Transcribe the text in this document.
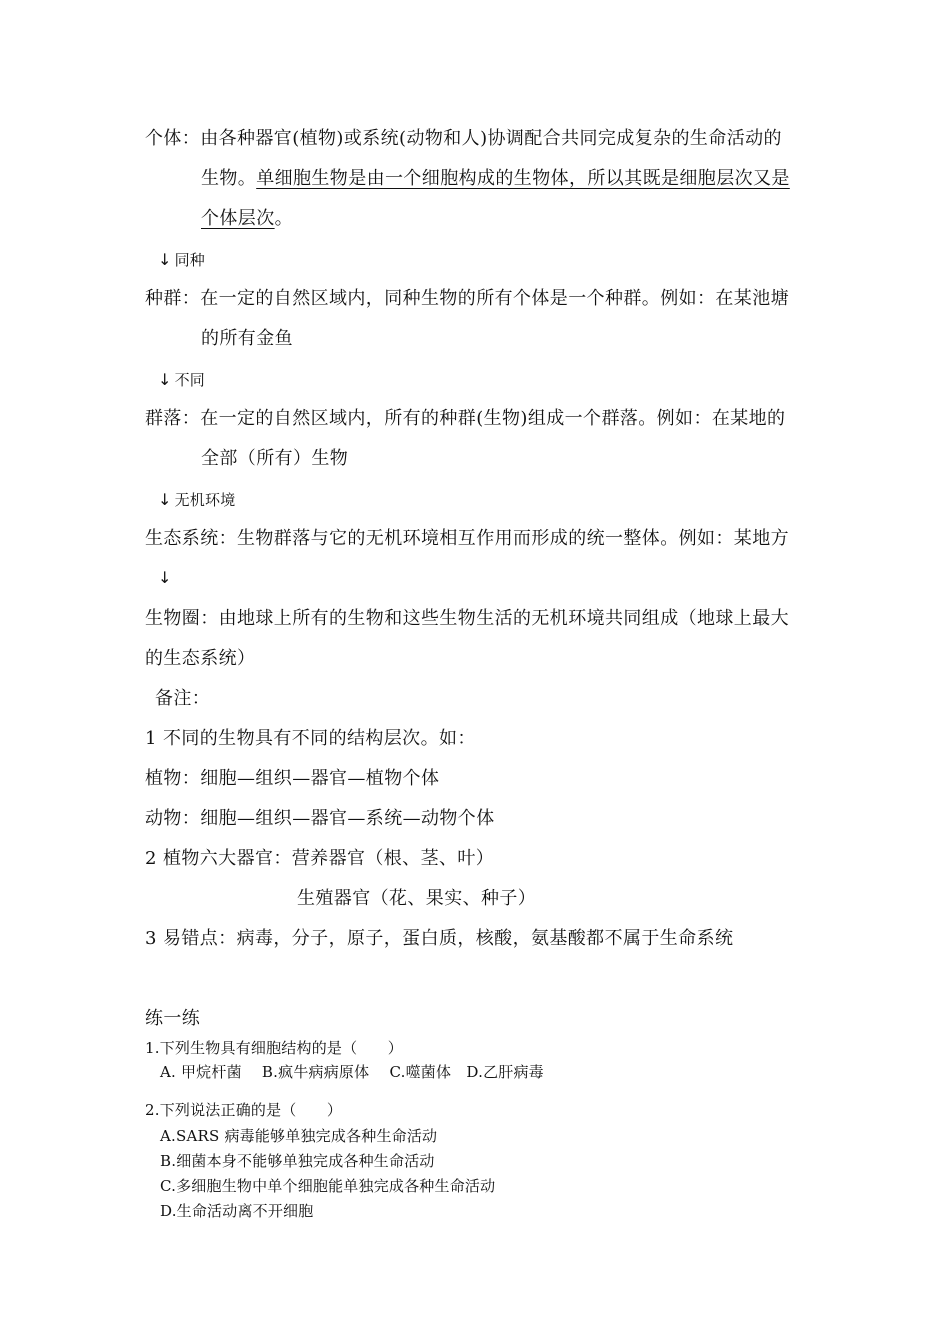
个体：由各种器官(植物)或系统(动物和人)协调配合共同完成复杂的生命活动的
生物。单细胞生物是由一个细胞构成的生物体，所以其既是细胞层次又是
个体层次。
↓ 同种
种群：在一定的自然区域内，同种生物的所有个体是一个种群。例如：在某池塘
的所有金鱼
↓ 不同
群落：在一定的自然区域内，所有的种群(生物)组成一个群落。例如：在某地的
全部（所有）生物
↓ 无机环境
生态系统：生物群落与它的无机环境相互作用而形成的统一整体。例如：某地方
↓
生物圈：由地球上所有的生物和这些生物生活的无机环境共同组成（地球上最大
的生态系统）
备注：
1 不同的生物具有不同的结构层次。如：
植物：细胞—组织—器官—植物个体
动物：细胞—组织—器官—系统—动物个体
2 植物六大器官：营养器官（根、茎、叶）
生殖器官（花、果实、种子）
3 易错点：病毒，分子，原子，蛋白质，核酸，氨基酸都不属于生命系统
练一练
1.下列生物具有细胞结构的是（　　）
A. 甲烷杆菌　 B.疯牛病病原体　 C.噬菌体　D.乙肝病毒
2.下列说法正确的是（　　）
A.SARS 病毒能够单独完成各种生命活动
B.细菌本身不能够单独完成各种生命活动
C.多细胞生物中单个细胞能单独完成各种生命活动
D.生命活动离不开细胞
